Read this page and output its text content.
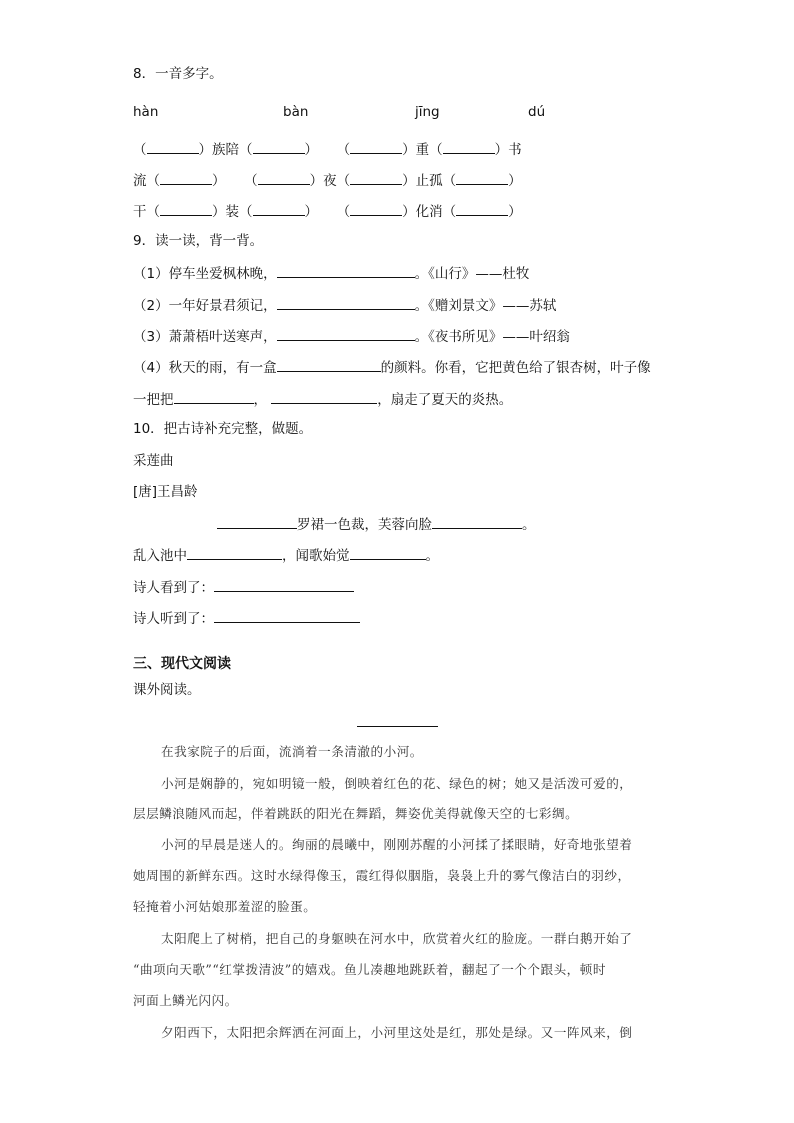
8．一音多字。
hàn	bàn	jīng	dú
（	）族陪（	） （	）重（	）书
流（	） （	）夜（	）止孤（	）
干（	）装（	） （	）化消（	）
9．读一读，背一背。
（1）停车坐爱枫林晚，	。《山行》——杜牧
（2）一年好景君须记，	。《赠刘景文》——苏轼
（3）萧萧梧叶送寒声，	。《夜书所见》——叶绍翁
（4）秋天的雨，有一盒	的颜料。你看，它把黄色给了银杏树，叶子像
一把把	，	，扇走了夏天的炎热。
10．把古诗补充完整，做题。
采莲曲
[唐]王昌龄
罗裙一色裁，芙蓉向脸	。
乱入池中	，闻歌始觉	。
诗人看到了：
诗人听到了：
三、现代文阅读
课外阅读。
在我家院子的后面，流淌着一条清澈的小河。
小河是娴静的，宛如明镜一般，倒映着红色的花、绿色的树；她又是活泼可爱的，
层层鳞浪随风而起，伴着跳跃的阳光在舞蹈，舞姿优美得就像天空的七彩绸。
小河的早晨是迷人的。绚丽的晨曦中，刚刚苏醒的小河揉了揉眼睛，好奇地张望着
她周围的新鲜东西。这时水绿得像玉，霞红得似胭脂，袅袅上升的雾气像洁白的羽纱，
轻掩着小河姑娘那羞涩的脸蛋。
太阳爬上了树梢，把自己的身躯映在河水中，欣赏着火红的脸庞。一群白鹅开始了
“曲项向天歌”“红掌拨清波”的嬉戏。鱼儿凑趣地跳跃着，翻起了一个个跟头，顿时
河面上鳞光闪闪。
夕阳西下，太阳把余辉洒在河面上，小河里这处是红，那处是绿。又一阵风来，倒
